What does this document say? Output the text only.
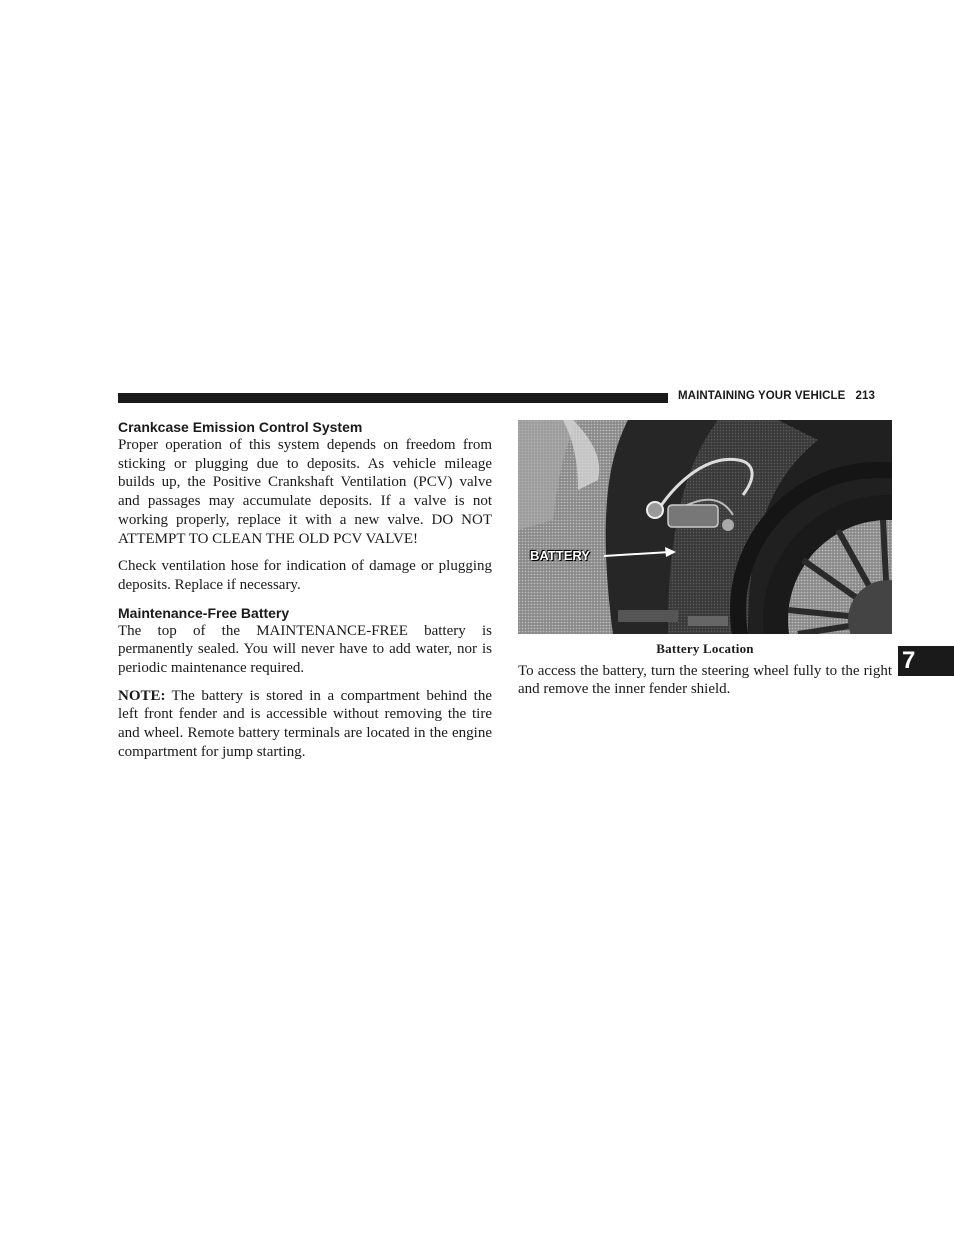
MAINTAINING YOUR VEHICLE 213
Crankcase Emission Control System

Proper operation of this system depends on freedom from sticking or plugging due to deposits. As vehicle mileage builds up, the Positive Crankshaft Ventilation (PCV) valve and passages may accumulate deposits. If a valve is not working properly, replace it with a new valve. DO NOT ATTEMPT TO CLEAN THE OLD PCV VALVE!

Check ventilation hose for indication of damage or plugging deposits. Replace if necessary.

Maintenance-Free Battery

The top of the MAINTENANCE-FREE battery is permanently sealed. You will never have to add water, nor is periodic maintenance required.

NOTE: The battery is stored in a compartment behind the left front fender and is accessible without removing the tire and wheel. Remote battery terminals are located in the engine compartment for jump starting.

BATTERY
Battery Location

To access the battery, turn the steering wheel fully to the right and remove the inner fender shield.

7
